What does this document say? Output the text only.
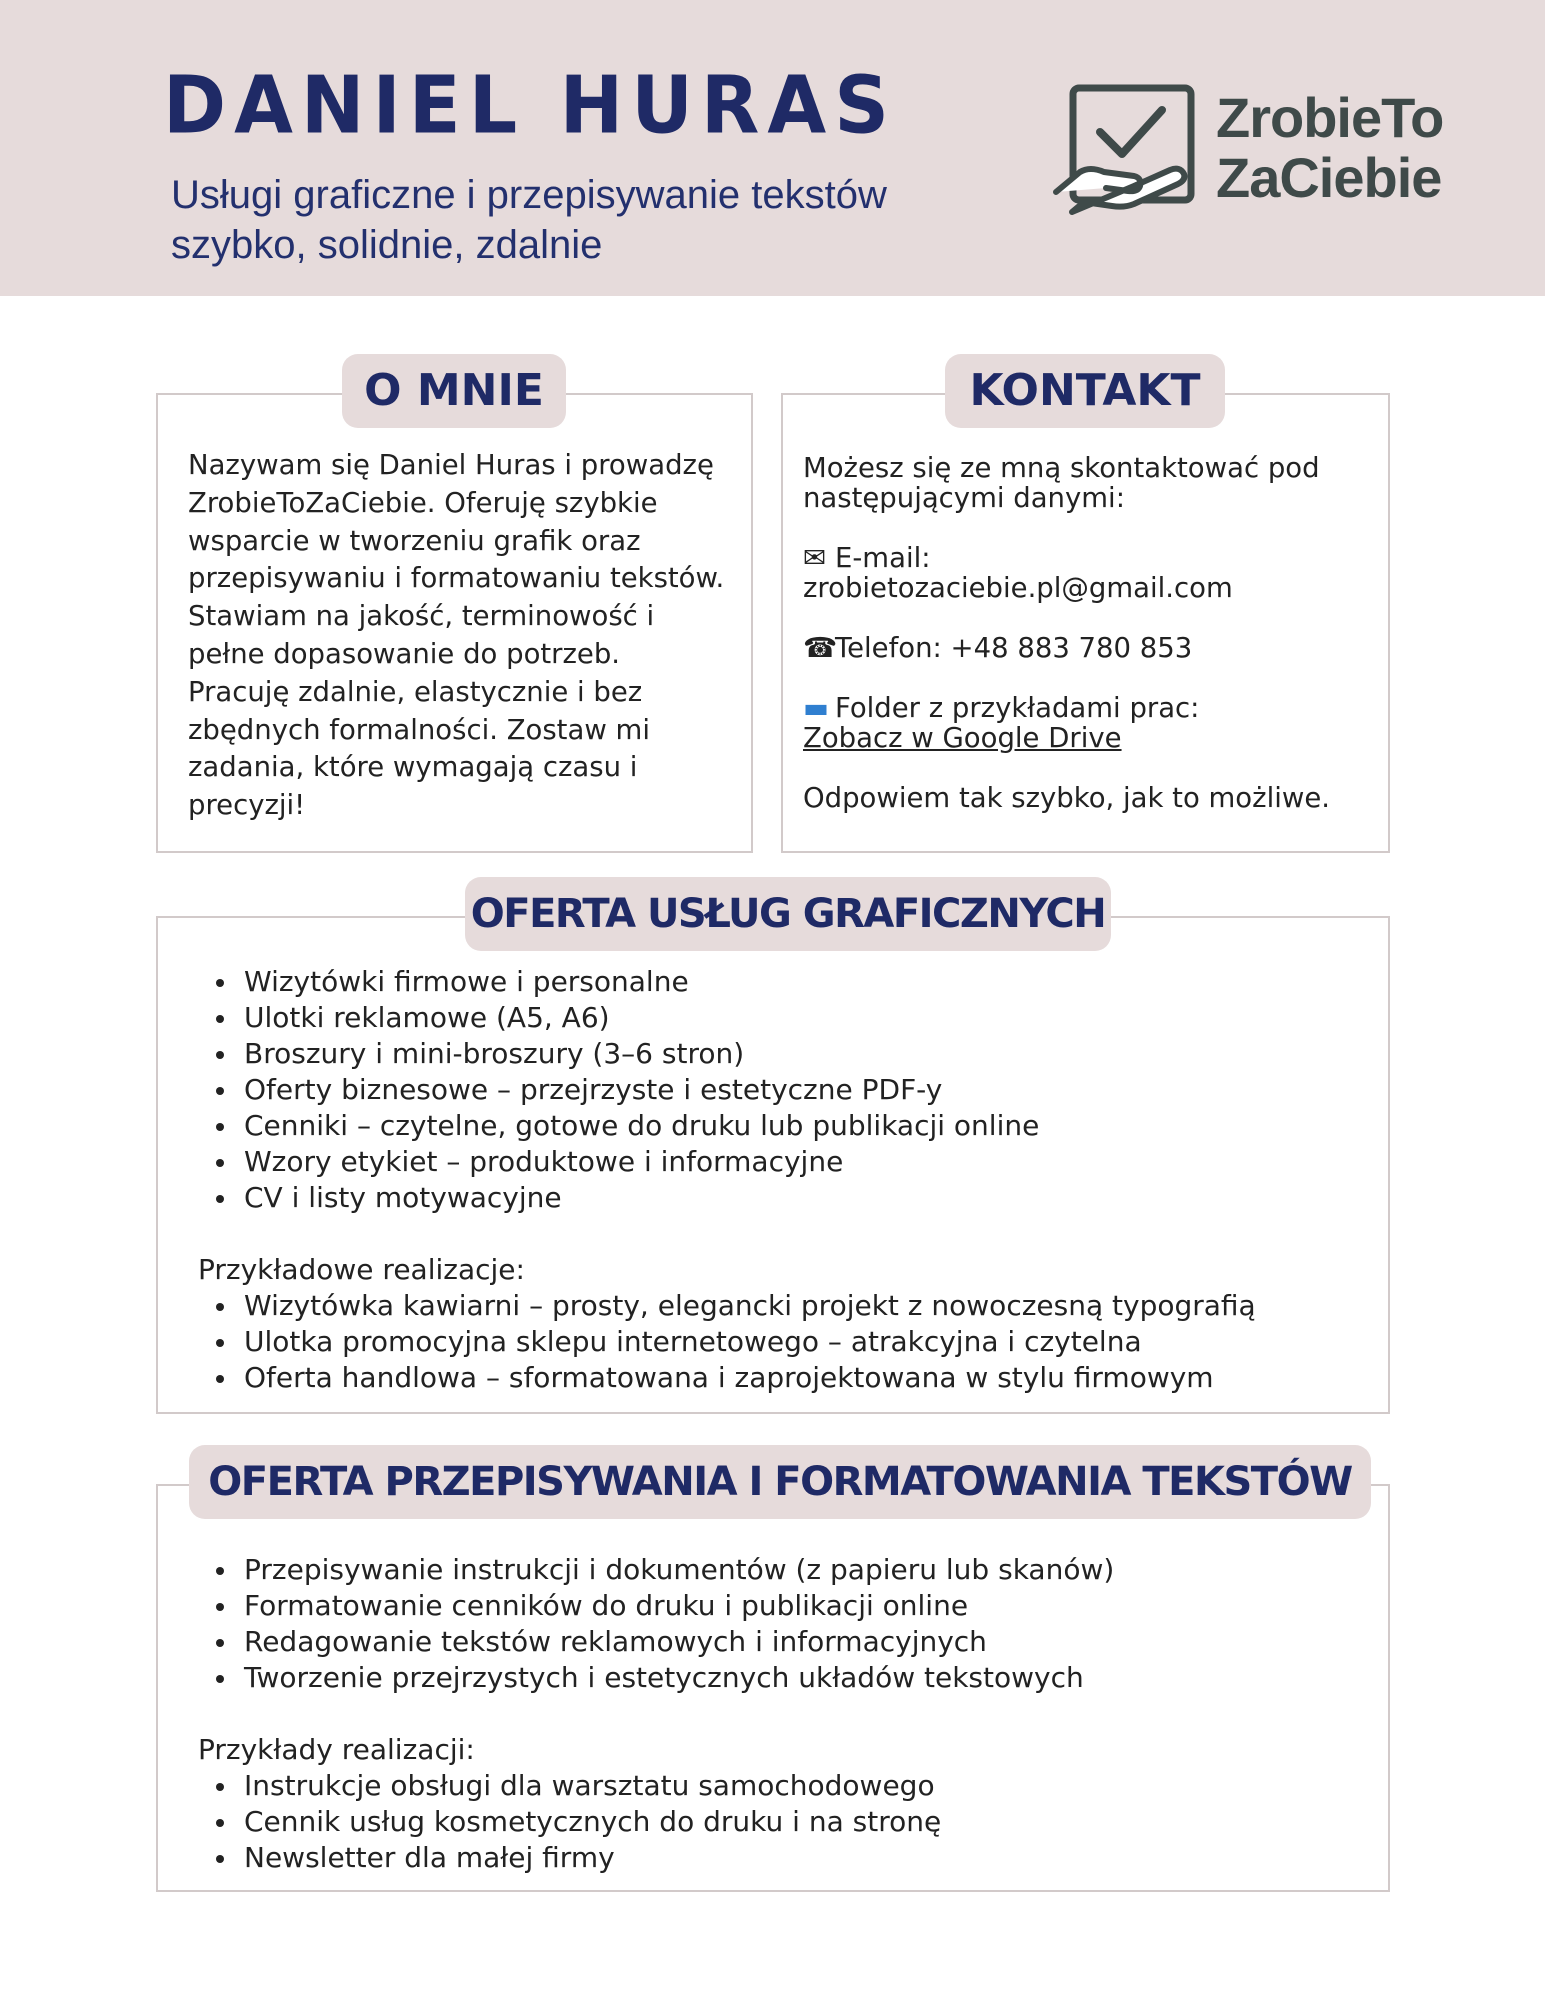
DANIEL HURAS
Usługi graficzne i przepisywanie tekstów
szybko, solidnie, zdalnie
ZrobieTo
ZaCiebie

Nazywam się Daniel Huras i prowadzę ZrobieToZaCiebie. Oferuję szybkie wsparcie w tworzeniu grafik oraz przepisywaniu i formatowaniu tekstów. Stawiam na jakość, terminowość i pełne dopasowanie do potrzeb. Pracuję zdalnie, elastycznie i bez zbędnych formalności. Zostaw mi zadania, które wymagają czasu i precyzji!

O MNIE

Możesz się ze mną skontaktować pod następującymi danymi:

✉ E-mail:
zrobietozaciebie.pl@gmail.com
☎Telefon: +48 883 780 853
▬ Folder z przykładami prac:
Zobacz w Google Drive

Odpowiem tak szybko, jak to możliwe.

KONTAKT
Wizytówki firmowe i personalne
Ulotki reklamowe (A5, A6)
Broszury i mini-broszury (3–6 stron)
Oferty biznesowe – przejrzyste i estetyczne PDF-y
Cenniki – czytelne, gotowe do druku lub publikacji online
Wzory etykiet – produktowe i informacyjne
CV i listy motywacyjne
Przykładowe realizacje:
Wizytówka kawiarni – prosty, elegancki projekt z nowoczesną typografią
Ulotka promocyjna sklepu internetowego – atrakcyjna i czytelna
Oferta handlowa – sformatowana i zaprojektowana w stylu firmowym
OFERTA USŁUG GRAFICZNYCH
Przepisywanie instrukcji i dokumentów (z papieru lub skanów)
Formatowanie cenników do druku i publikacji online
Redagowanie tekstów reklamowych i informacyjnych
Tworzenie przejrzystych i estetycznych układów tekstowych
Przykłady realizacji:
Instrukcje obsługi dla warsztatu samochodowego
Cennik usług kosmetycznych do druku i na stronę
Newsletter dla małej firmy
OFERTA PRZEPISYWANIA I FORMATOWANIA TEKSTÓW
